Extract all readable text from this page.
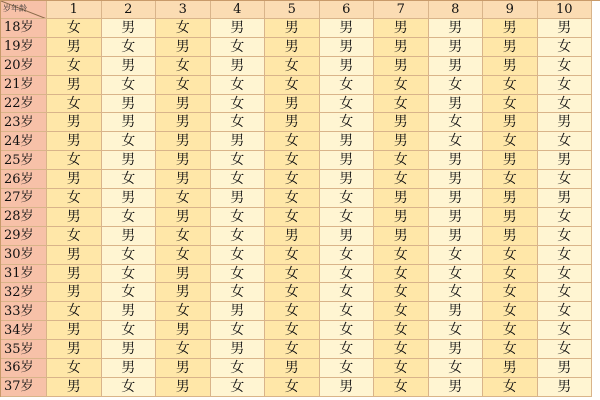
岁年龄	1	2	3	4	5	6	7	8	9	10
18岁	女	男	女	男	男	男	男	男	男	男
19岁	男	女	男	女	男	男	男	男	男	女
20岁	女	男	女	男	女	男	男	男	男	女
21岁	男	女	女	女	女	女	女	女	女	女
22岁	女	男	男	女	男	女	女	男	女	女
23岁	男	男	男	女	男	女	男	女	男	男
24岁	男	女	男	男	女	男	男	女	女	女
25岁	女	男	男	女	女	男	女	男	男	男
26岁	男	女	男	女	女	男	女	男	女	女
27岁	女	男	女	男	女	女	男	男	男	男
28岁	男	女	男	女	女	女	男	男	男	女
29岁	女	男	女	女	男	男	男	男	男	女
30岁	男	女	女	女	女	女	女	女	女	女
31岁	男	女	男	女	女	女	女	女	女	女
32岁	男	女	男	女	女	女	女	女	女	女
33岁	女	男	女	男	女	女	女	男	女	女
34岁	男	女	男	女	女	女	女	女	女	女
35岁	男	男	女	男	女	女	女	男	女	女
36岁	女	男	男	女	男	女	女	女	男	男
37岁	男	女	男	女	女	男	女	男	女	男
